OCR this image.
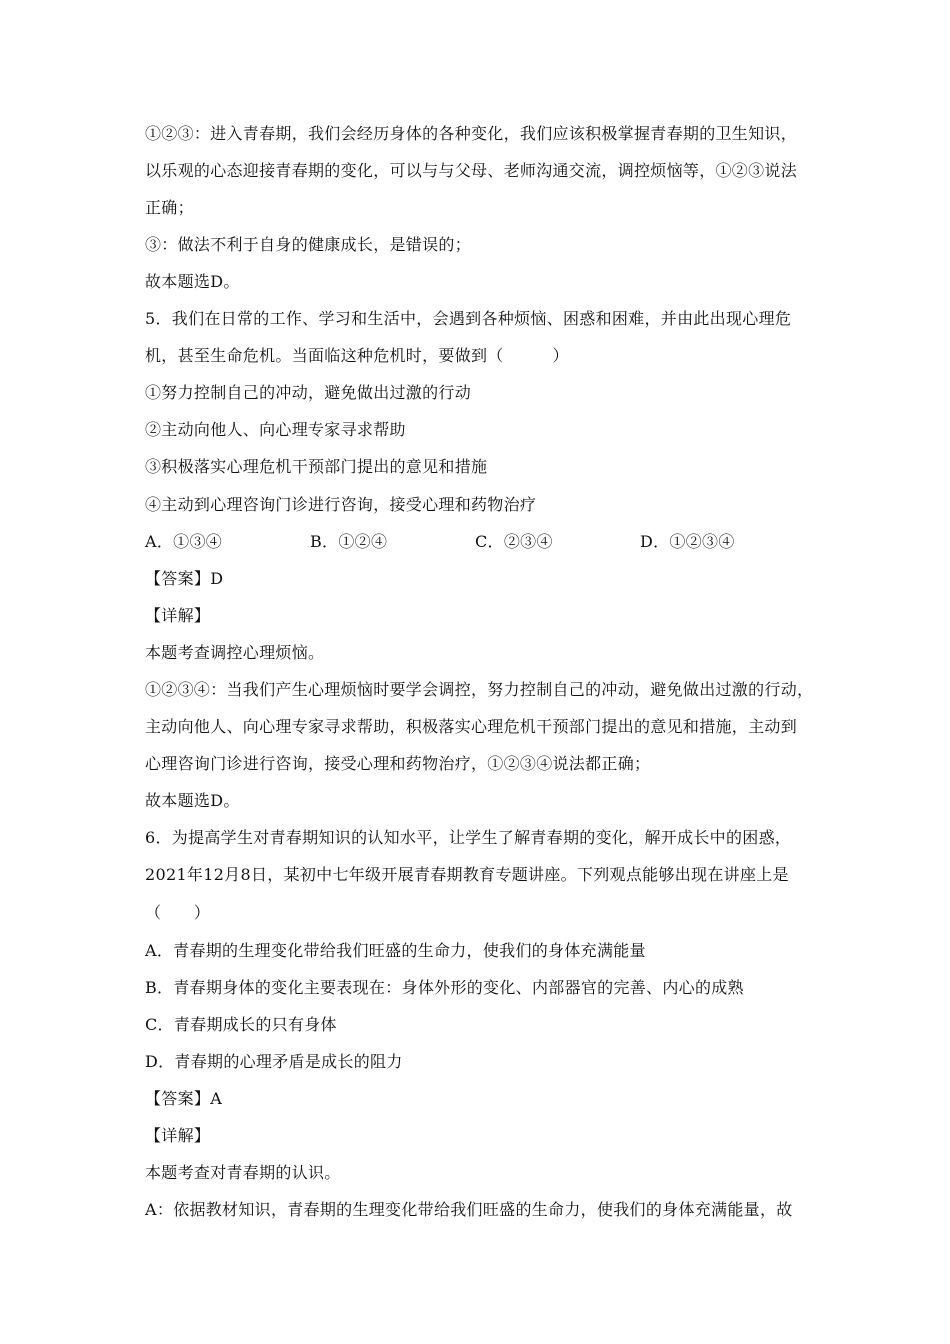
①②③：进入青春期，我们会经历身体的各种变化，我们应该积极掌握青春期的卫生知识，
以乐观的心态迎接青春期的变化，可以与与父母、老师沟通交流，调控烦恼等，①②③说法
正确；
③：做法不利于自身的健康成长，是错误的；
故本题选D。
5．我们在日常的工作、学习和生活中，会遇到各种烦恼、困惑和困难，并由此出现心理危
机，甚至生命危机。当面临这种危机时，要做到（　　　）
①努力控制自己的冲动，避免做出过激的行动
②主动向他人、向心理专家寻求帮助
③积极落实心理危机干预部门提出的意见和措施
④主动到心理咨询门诊进行咨询，接受心理和药物治疗
A．①③④	B．①②④	C．②③④	D．①②③④
【答案】D
【详解】
本题考查调控心理烦恼。
①②③④：当我们产生心理烦恼时要学会调控，努力控制自己的冲动，避免做出过激的行动，
主动向他人、向心理专家寻求帮助，积极落实心理危机干预部门提出的意见和措施，主动到
心理咨询门诊进行咨询，接受心理和药物治疗，①②③④说法都正确；
故本题选D。
6．为提高学生对青春期知识的认知水平，让学生了解青春期的变化，解开成长中的困惑，
2021年12月8日，某初中七年级开展青春期教育专题讲座。下列观点能够出现在讲座上是
（　　）
A．青春期的生理变化带给我们旺盛的生命力，使我们的身体充满能量
B．青春期身体的变化主要表现在：身体外形的变化、内部器官的完善、内心的成熟
C．青春期成长的只有身体
D．青春期的心理矛盾是成长的阻力
【答案】A
【详解】
本题考查对青春期的认识。
A：依据教材知识，青春期的生理变化带给我们旺盛的生命力，使我们的身体充满能量，故
